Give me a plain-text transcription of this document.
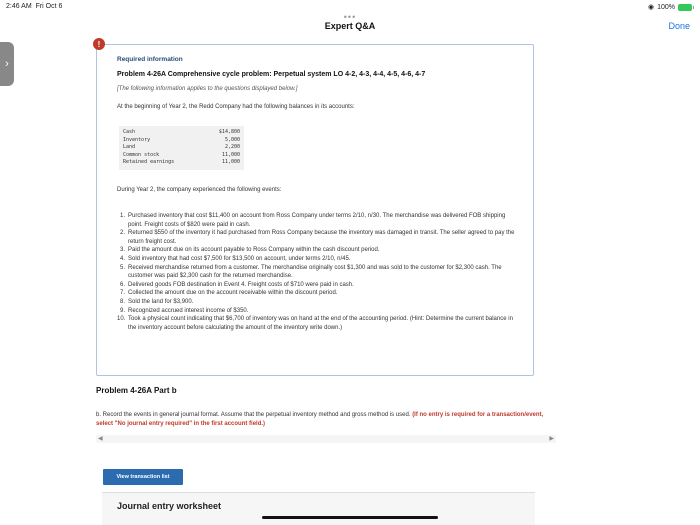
2:46 AM Fri Oct 6	◉ 100%
•••
Expert Q&A	Done
›
!
Required information
Problem 4-26A Comprehensive cycle problem: Perpetual system LO 4-2, 4-3, 4-4, 4-5, 4-6, 4-7
[The following information applies to the questions displayed below.]
At the beginning of Year 2, the Redd Company had the following balances in its accounts:
Cash	$14,800
Inventory	5,000
Land	2,200
Common stock	11,000
Retained earnings	11,000
During Year 2, the company experienced the following events:
1. Purchased inventory that cost $11,400 on account from Ross Company under terms 2/10, n/30. The merchandise was delivered FOB shipping point. Freight costs of $820 were paid in cash.
2. Returned $550 of the inventory it had purchased from Ross Company because the inventory was damaged in transit. The seller agreed to pay the return freight cost.
3. Paid the amount due on its account payable to Ross Company within the cash discount period.
4. Sold inventory that had cost $7,500 for $13,500 on account, under terms 2/10, n/45.
5. Received merchandise returned from a customer. The merchandise originally cost $1,300 and was sold to the customer for $2,300 cash. The customer was paid $2,300 cash for the returned merchandise.
6. Delivered goods FOB destination in Event 4. Freight costs of $710 were paid in cash.
7. Collected the amount due on the account receivable within the discount period.
8. Sold the land for $3,900.
9. Recognized accrued interest income of $350.
10. Took a physical count indicating that $6,700 of inventory was on hand at the end of the accounting period. (Hint: Determine the current balance in the inventory account before calculating the amount of the inventory write down.)
Problem 4-26A Part b
b. Record the events in general journal format. Assume that the perpetual inventory method and gross method is used. (If no entry is required for a transaction/event, select "No journal entry required" in the first account field.)
◀	▶
View transaction list
Journal entry worksheet
